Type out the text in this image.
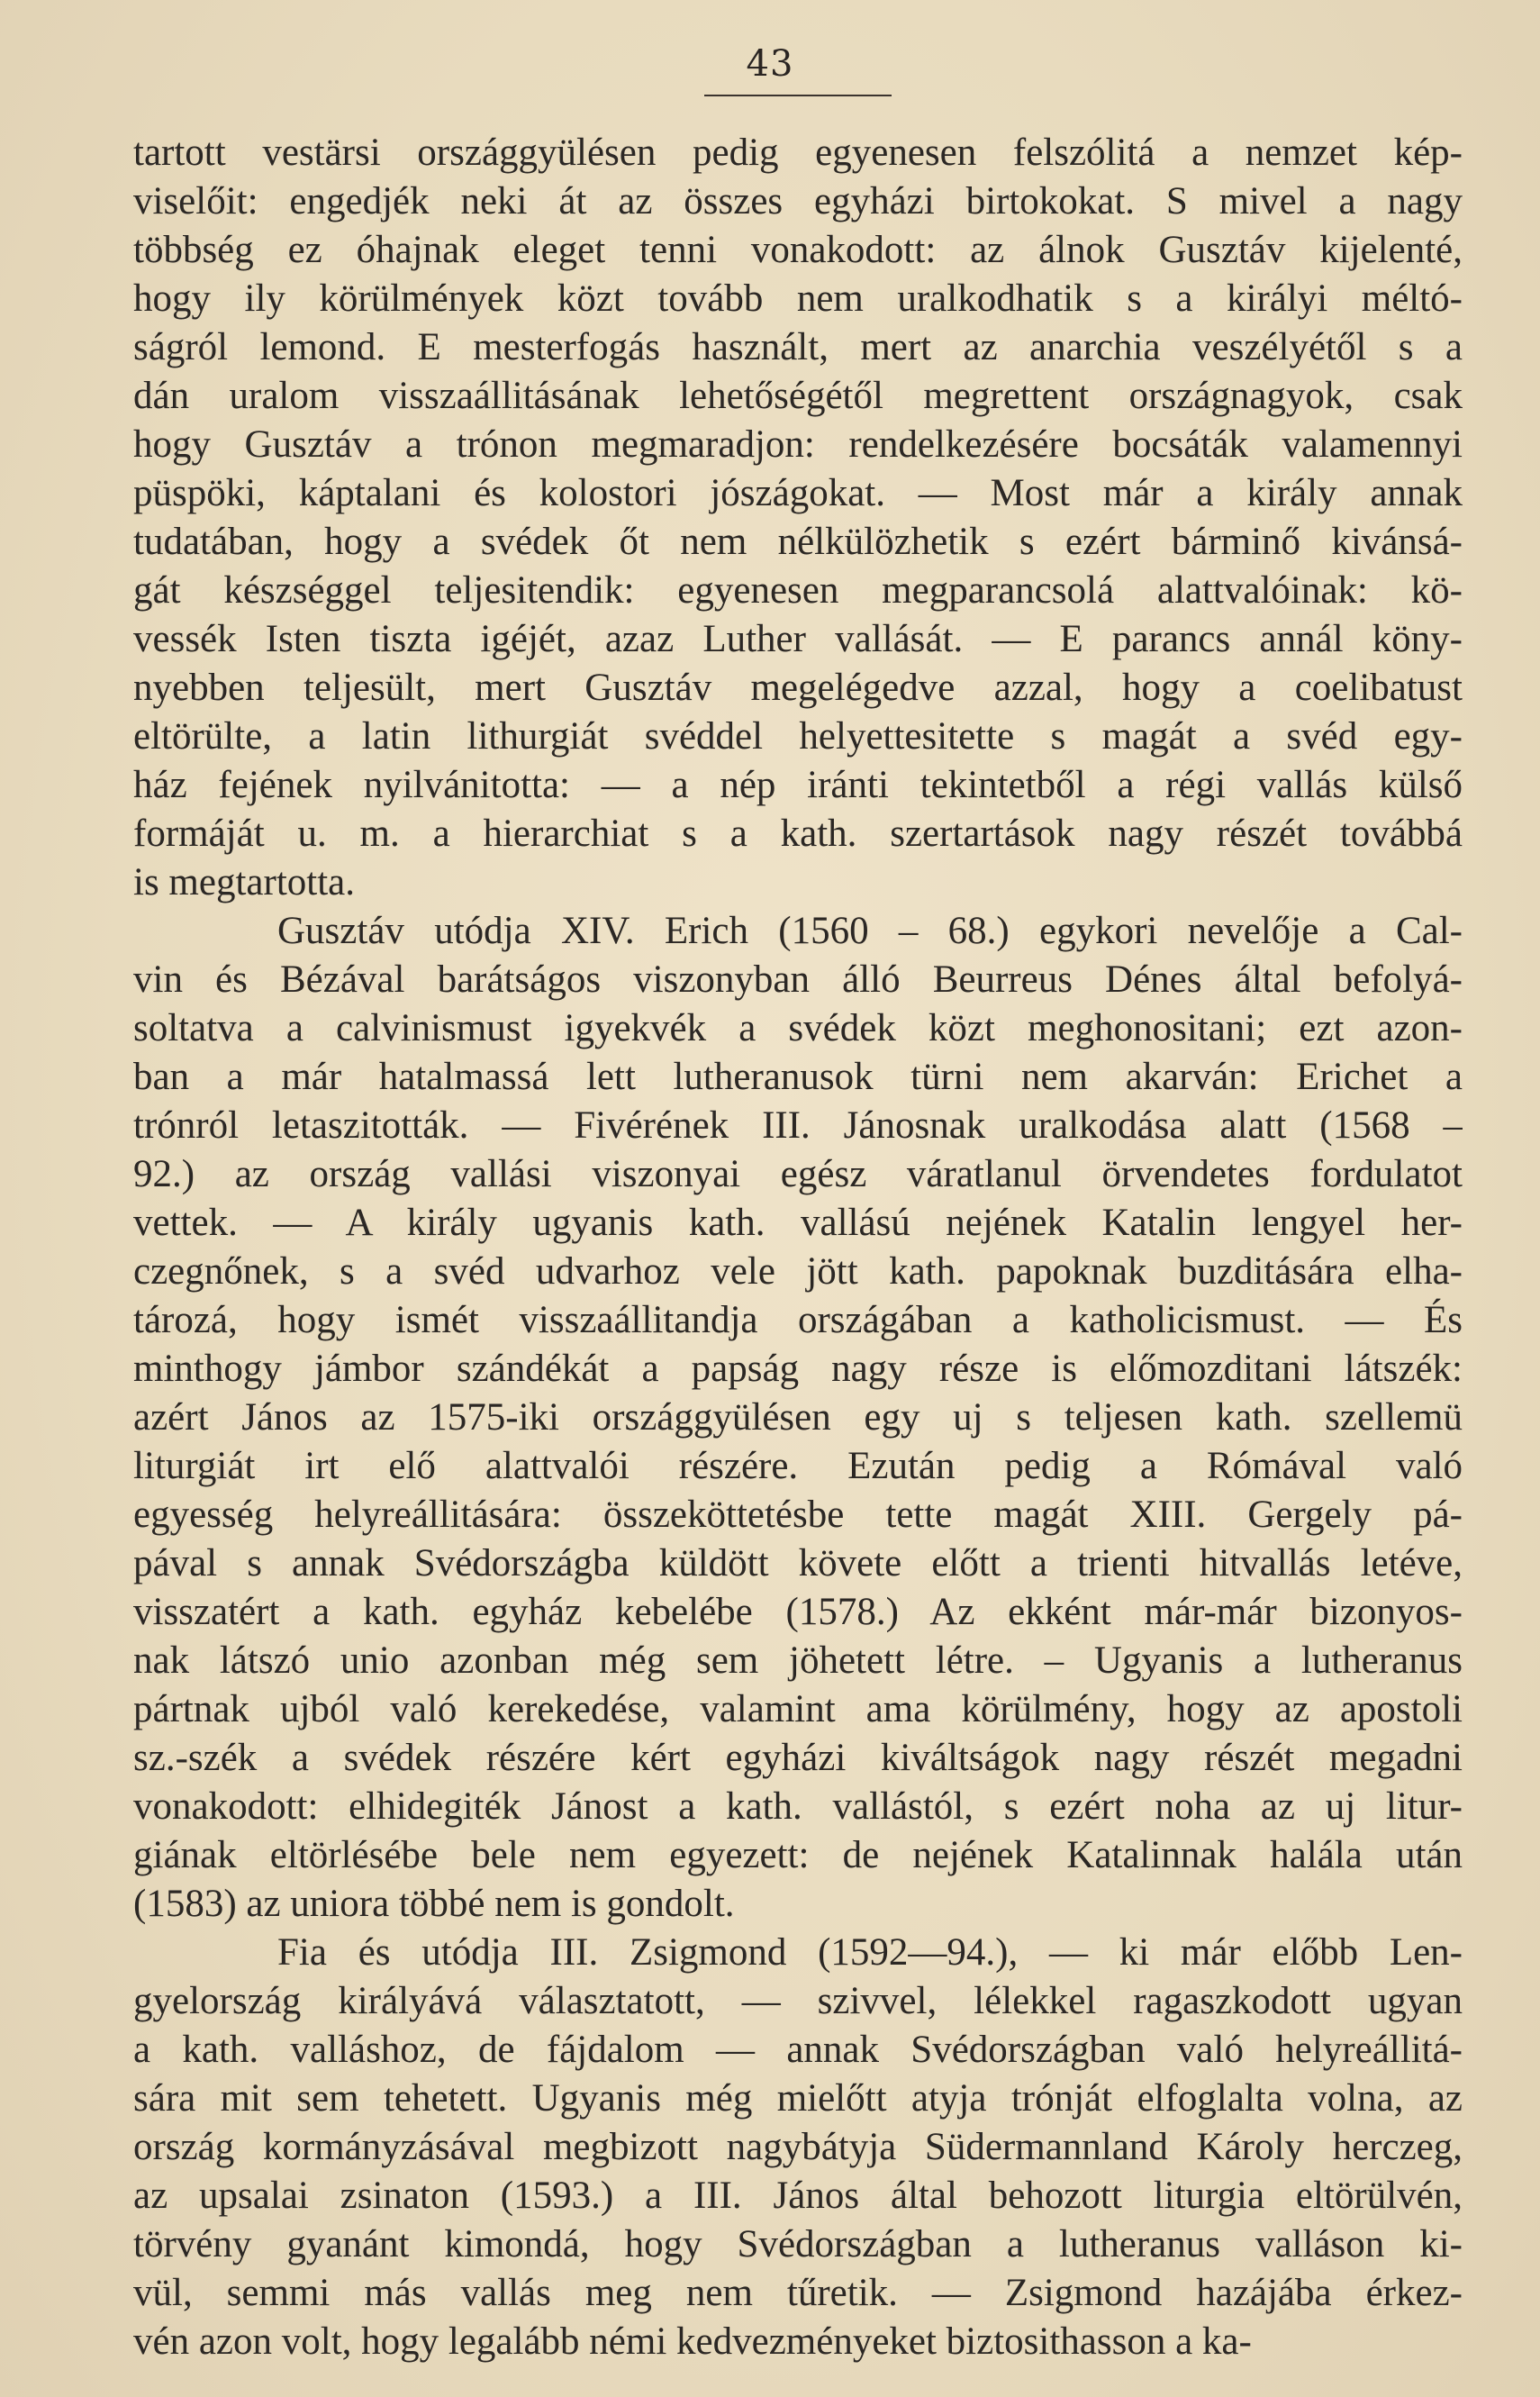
43
tartott vestärsi országgyülésen pedig egyenesen felszólitá a nemzet kép-
viselőit: engedjék neki át az összes egyházi birtokokat. S mivel a nagy
többség ez óhajnak eleget tenni vonakodott: az álnok Gusztáv kijelenté,
hogy ily körülmények közt tovább nem uralkodhatik s a királyi méltó-
ságról lemond. E mesterfogás használt, mert az anarchia veszélyétől s a
dán uralom visszaállitásának lehetőségétől megrettent országnagyok, csak
hogy Gusztáv a trónon megmaradjon: rendelkezésére bocsáták valamennyi
püspöki, káptalani és kolostori jószágokat. — Most már a király annak
tudatában, hogy a svédek őt nem nélkülözhetik s ezért bárminő kivánsá-
gát készséggel teljesitendik: egyenesen megparancsolá alattvalóinak: kö-
vessék Isten tiszta igéjét, azaz Luther vallását. — E parancs annál köny-
nyebben teljesült, mert Gusztáv megelégedve azzal, hogy a coelibatust
eltörülte, a latin lithurgiát svéddel helyettesitette s magát a svéd egy-
ház fejének nyilvánitotta: — a nép iránti tekintetből a régi vallás külső
formáját u. m. a hierarchiat s a kath. szertartások nagy részét továbbá
is megtartotta.
Gusztáv utódja XIV. Erich (1560 – 68.) egykori nevelője a Cal-
vin és Bézával barátságos viszonyban álló Beurreus Dénes által befolyá-
soltatva a calvinismust igyekvék a svédek közt meghonositani; ezt azon-
ban a már hatalmassá lett lutheranusok türni nem akarván: Erichet a
trónról letaszitották. — Fivérének III. Jánosnak uralkodása alatt (1568 –
92.) az ország vallási viszonyai egész váratlanul örvendetes fordulatot
vettek. — A király ugyanis kath. vallású nejének Katalin lengyel her-
czegnőnek, s a svéd udvarhoz vele jött kath. papoknak buzditására elha-
tározá, hogy ismét visszaállitandja országában a katholicismust. — És
minthogy jámbor szándékát a papság nagy része is előmozditani látszék:
azért János az 1575-iki országgyülésen egy uj s teljesen kath. szellemü
liturgiát irt elő alattvalói részére. Ezután pedig a Rómával való
egyesség helyreállitására: összeköttetésbe tette magát XIII. Gergely pá-
pával s annak Svédországba küldött követe előtt a trienti hitvallás letéve,
visszatért a kath. egyház kebelébe (1578.) Az ekként már-már bizonyos-
nak látszó unio azonban még sem jöhetett létre. – Ugyanis a lutheranus
pártnak ujból való kerekedése, valamint ama körülmény, hogy az apostoli
sz.-szék a svédek részére kért egyházi kiváltságok nagy részét megadni
vonakodott: elhidegiték Jánost a kath. vallástól, s ezért noha az uj litur-
giának eltörlésébe bele nem egyezett: de nejének Katalinnak halála után
(1583) az uniora többé nem is gondolt.
Fia és utódja III. Zsigmond (1592—94.), — ki már előbb Len-
gyelország királyává választatott, — szivvel, lélekkel ragaszkodott ugyan
a kath. valláshoz, de fájdalom — annak Svédországban való helyreállitá-
sára mit sem tehetett. Ugyanis még mielőtt atyja trónját elfoglalta volna, az
ország kormányzásával megbizott nagybátyja Südermannland Károly herczeg,
az upsalai zsinaton (1593.) a III. János által behozott liturgia eltörülvén,
törvény gyanánt kimondá, hogy Svédországban a lutheranus valláson ki-
vül, semmi más vallás meg nem tűretik. — Zsigmond hazájába érkez-
vén azon volt, hogy legalább némi kedvezményeket biztosithasson a ka-
